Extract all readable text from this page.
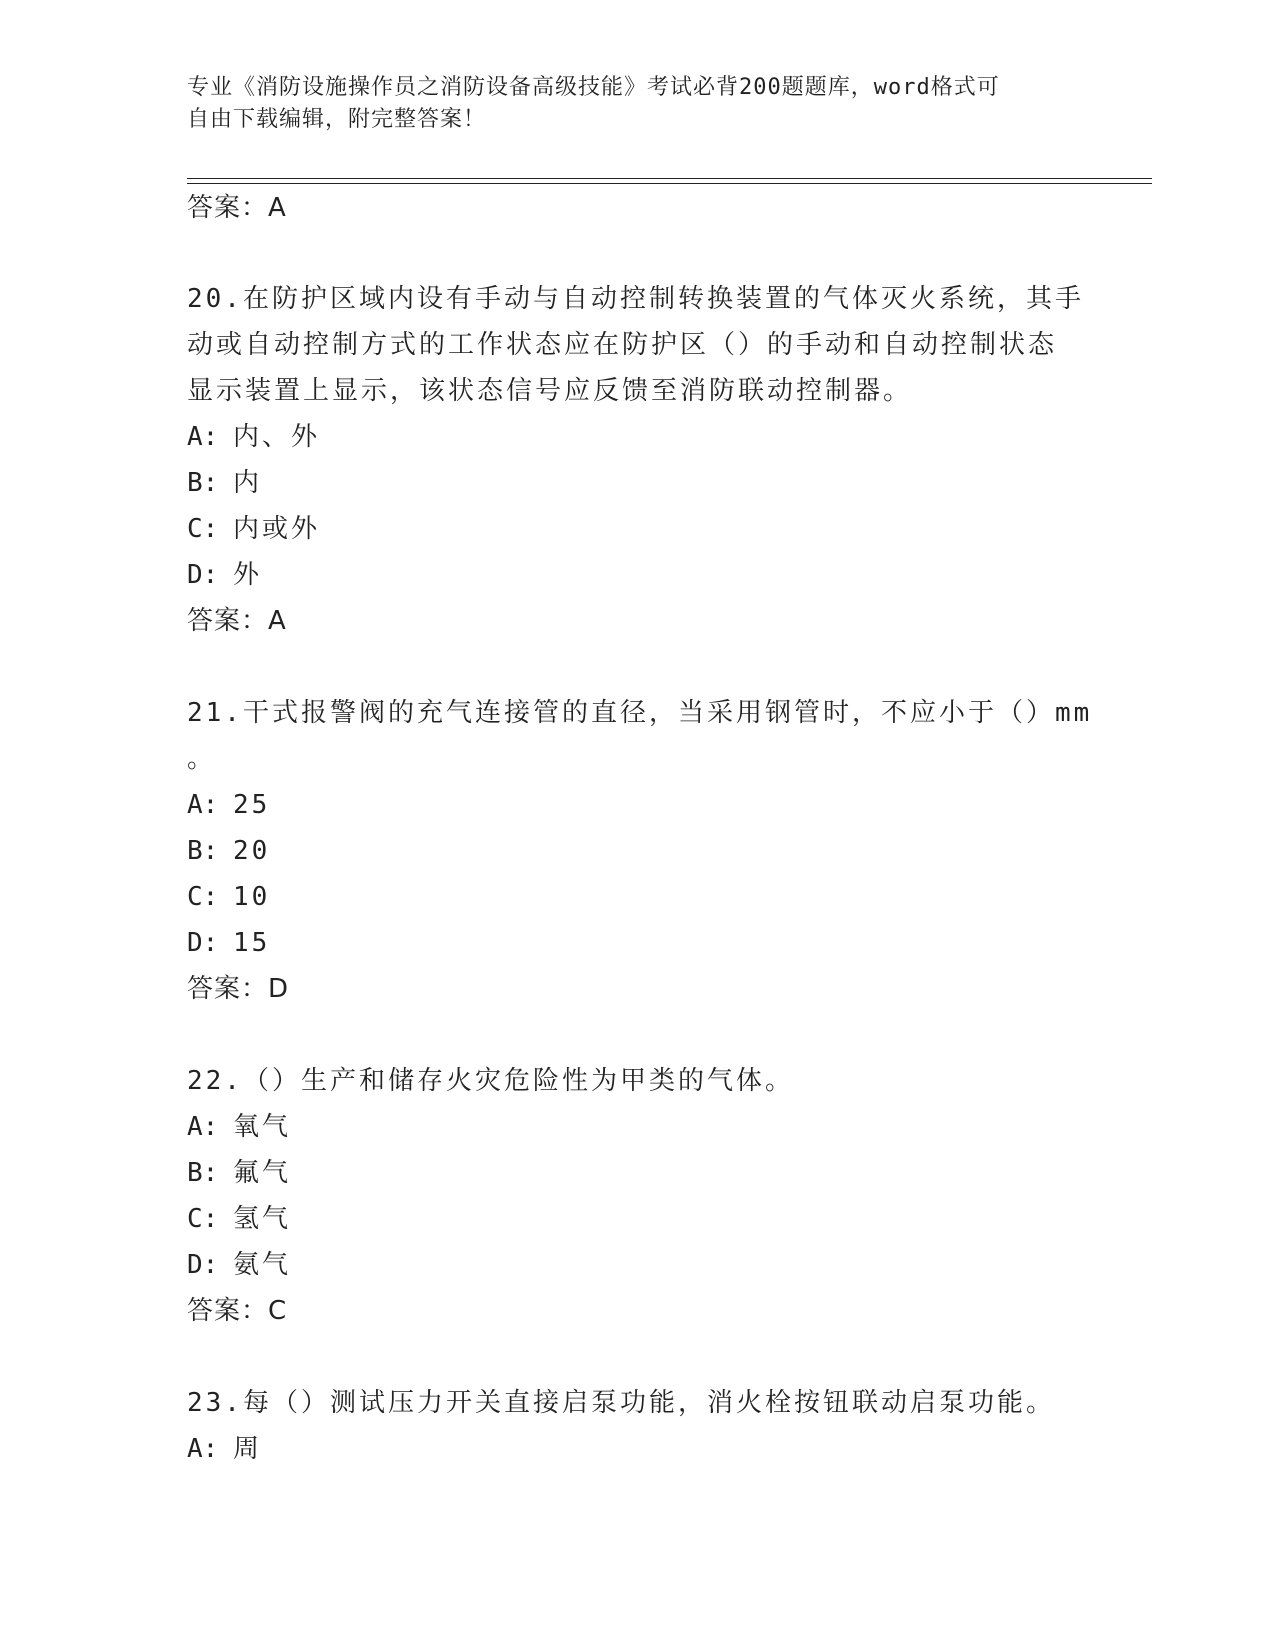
专业《消防设施操作员之消防设备高级技能》考试必背200题题库，word格式可
自由下载编辑，附完整答案！
答案：A
20.在防护区域内设有手动与自动控制转换装置的气体灭火系统，其手
动或自动控制方式的工作状态应在防护区（）的手动和自动控制状态
显示装置上显示，该状态信号应反馈至消防联动控制器。
A: 内、外
B: 内
C: 内或外
D: 外
答案：A
21.干式报警阀的充气连接管的直径，当采用钢管时，不应小于（）mm
。
A: 25
B: 20
C: 10
D: 15
答案：D
22.（）生产和储存火灾危险性为甲类的气体。
A: 氧气
B: 氟气
C: 氢气
D: 氨气
答案：C
23.每（）测试压力开关直接启泵功能，消火栓按钮联动启泵功能。
A: 周
